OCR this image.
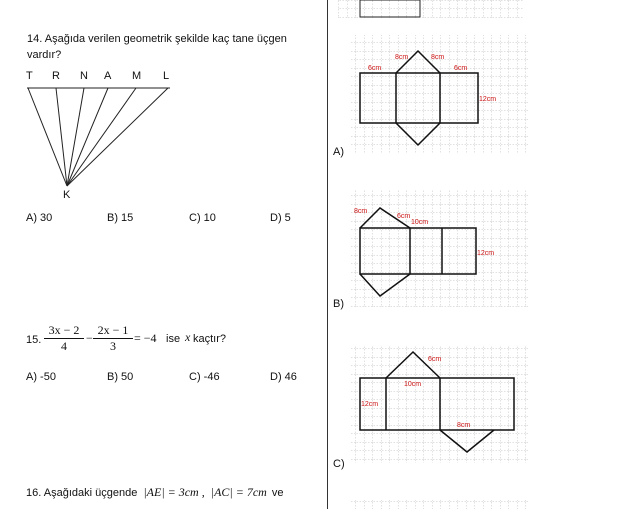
14. Aşağıda verilen geometrik şekilde kaç tane üçgen
vardır?
T R N A M L
K
A) 30	B) 15	C) 10	D) 5
15. $\frac{3x - 2}{4} - \frac{2x - 1}{3} = -4$ ise x kaçtır?
A) -50	B) 50	C) -46	D) 46
16. Aşağıdaki üçgende |AE| = 3cm , |AC| = 7cm ve
8cm	8cm
6cm	6cm
12cm
8cm
6cm
10cm
12cm
6cm
10cm
12cm
8cm
A)
B)
C)
